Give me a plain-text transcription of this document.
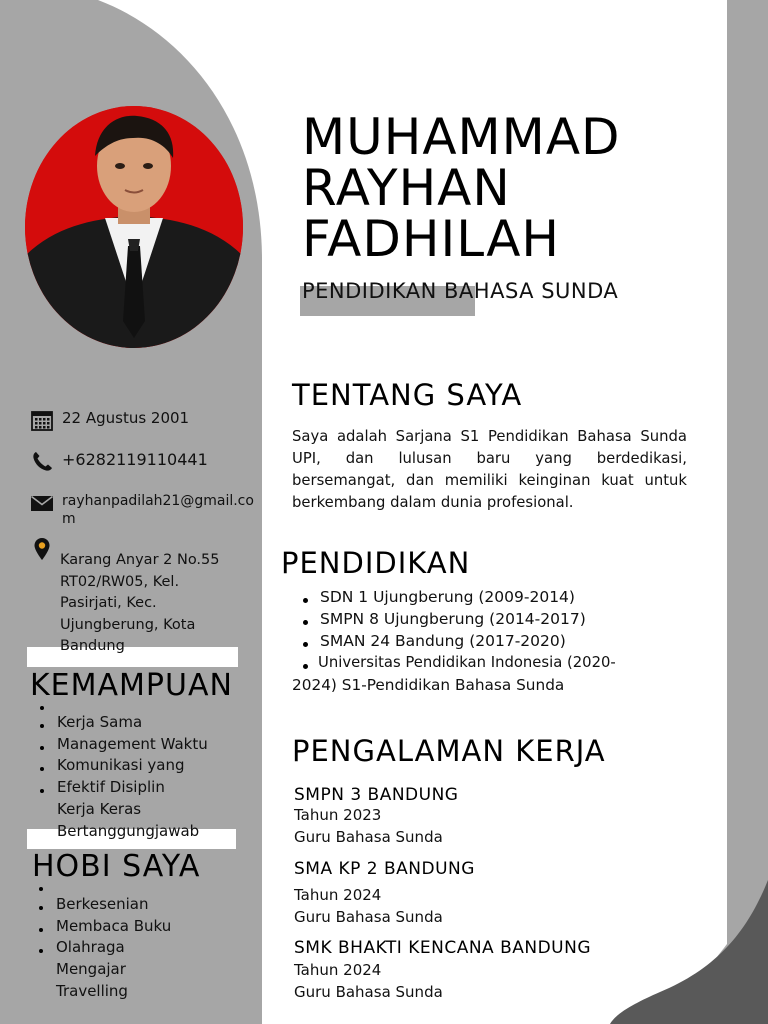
MUHAMMAD
RAYHAN
FADHILAH
PENDIDIKAN BAHASA SUNDA
22 Agustus 2001
+6282119110441
rayhanpadilah21@gmail.com
Karang Anyar 2 No.55 RT02/RW05, Kel. Pasirjati, Kec. Ujungberung, Kota Bandung
KEMAMPUAN
Kerja Sama
Management Waktu
Komunikasi yang
Efektif Disiplin
Kerja Keras
Bertanggungjawab
HOBI SAYA
Berkesenian
Membaca Buku
Olahraga
Mengajar
Travelling
TENTANG SAYA
Saya adalah Sarjana S1 Pendidikan Bahasa Sunda UPI, dan lulusan baru yang berdedikasi, bersemangat, dan memiliki keinginan kuat untuk berkembang dalam dunia profesional.
PENDIDIKAN
SDN 1 Ujungberung (2009-2014)
SMPN 8 Ujungberung (2014-2017)
SMAN 24 Bandung (2017-2020)
Universitas Pendidikan Indonesia (2020-
2024) S1-Pendidikan Bahasa Sunda
PENGALAMAN KERJA
SMPN 3 BANDUNG
Tahun 2023
Guru Bahasa Sunda
SMA KP 2 BANDUNG
Tahun 2024
Guru Bahasa Sunda
SMK BHAKTI KENCANA BANDUNG
Tahun 2024
Guru Bahasa Sunda
